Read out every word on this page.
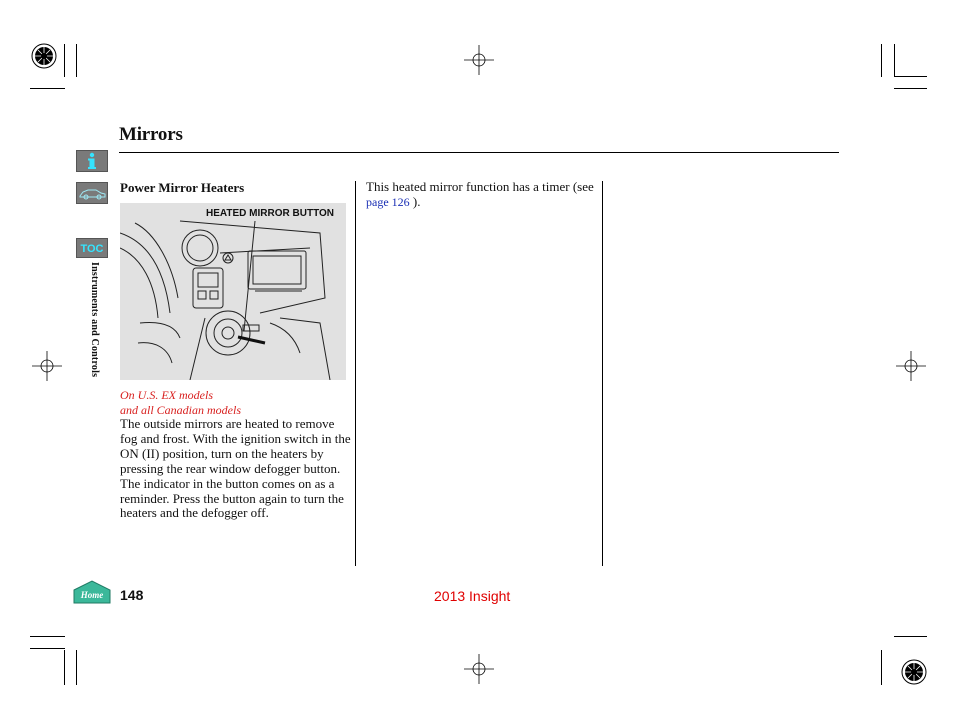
Mirrors
TOC
Instruments and Controls
Home
Power Mirror Heaters
HEATED MIRROR BUTTON
On U.S. EX models
and all Canadian models
The outside mirrors are heated to remove fog and frost. With the ignition switch in the ON (II) position, turn on the heaters by pressing the rear window defogger button. The indicator in the button comes on as a reminder. Press the button again to turn the heaters and the defogger off.
This heated mirror function has a timer (see page 126 ).
148	2013 Insight
